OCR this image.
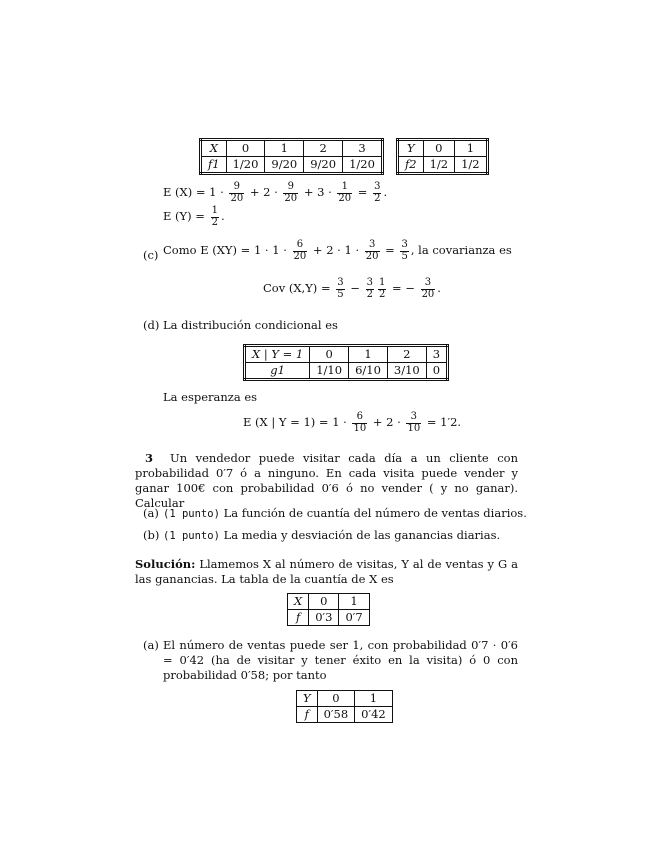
X	0	1	2	3
f1	1/20	9/20	9/20	1/20
Y	0	1
f2	1/2	1/2
E $(X) = 1 \cdot \frac{9}{20} + 2 \cdot \frac{9}{20} + 3 \cdot \frac{1}{20} = \frac{3}{2}$ .
E $(Y) = \frac{1}{2}$ .
(c) Como E $(XY) = 1 \cdot 1 \cdot \frac{6}{20} + 2 \cdot 1 \cdot \frac{3}{20} = \frac{3}{5}$ , la covarianza es
Cov $(X,Y) = \frac{3}{5} - \frac{3}{2} \frac{1}{2}$ = − $\frac{3}{20}$ .
(d) La distribución condicional es
X | Y = 1	0	1	2	3
g1	1/10	6/10	3/10	0
La esperanza es
E (X | $Y = 1) = 1 \cdot \frac{6}{10} + 2 \cdot \frac{3}{10} = 1'2$.

3 Un vendedor puede visitar cada día a un cliente con probabilidad 0′7 ó a ninguno. En cada visita puede vender y ganar 100€ con probabilidad 0′6 ó no vender ( y no ganar). Calcular

(a) (1 punto) La función de cuantía del número de ventas diarios.
(b) (1 punto) La media y desviación de las ganancias diarias.

Solución: Llamemos X al número de visitas, Y al de ventas y G a las ganancias. La tabla de la cuantía de X es

X	0	1
f	0′3	0′7
(a) El número de ventas puede ser 1, con probabilidad 0′7 · 0′6 = 0′42 (ha de visitar y tener éxito en la visita) ó 0 con probabilidad 0′58; por tanto

Y	0	1
f	0′58	0′42
